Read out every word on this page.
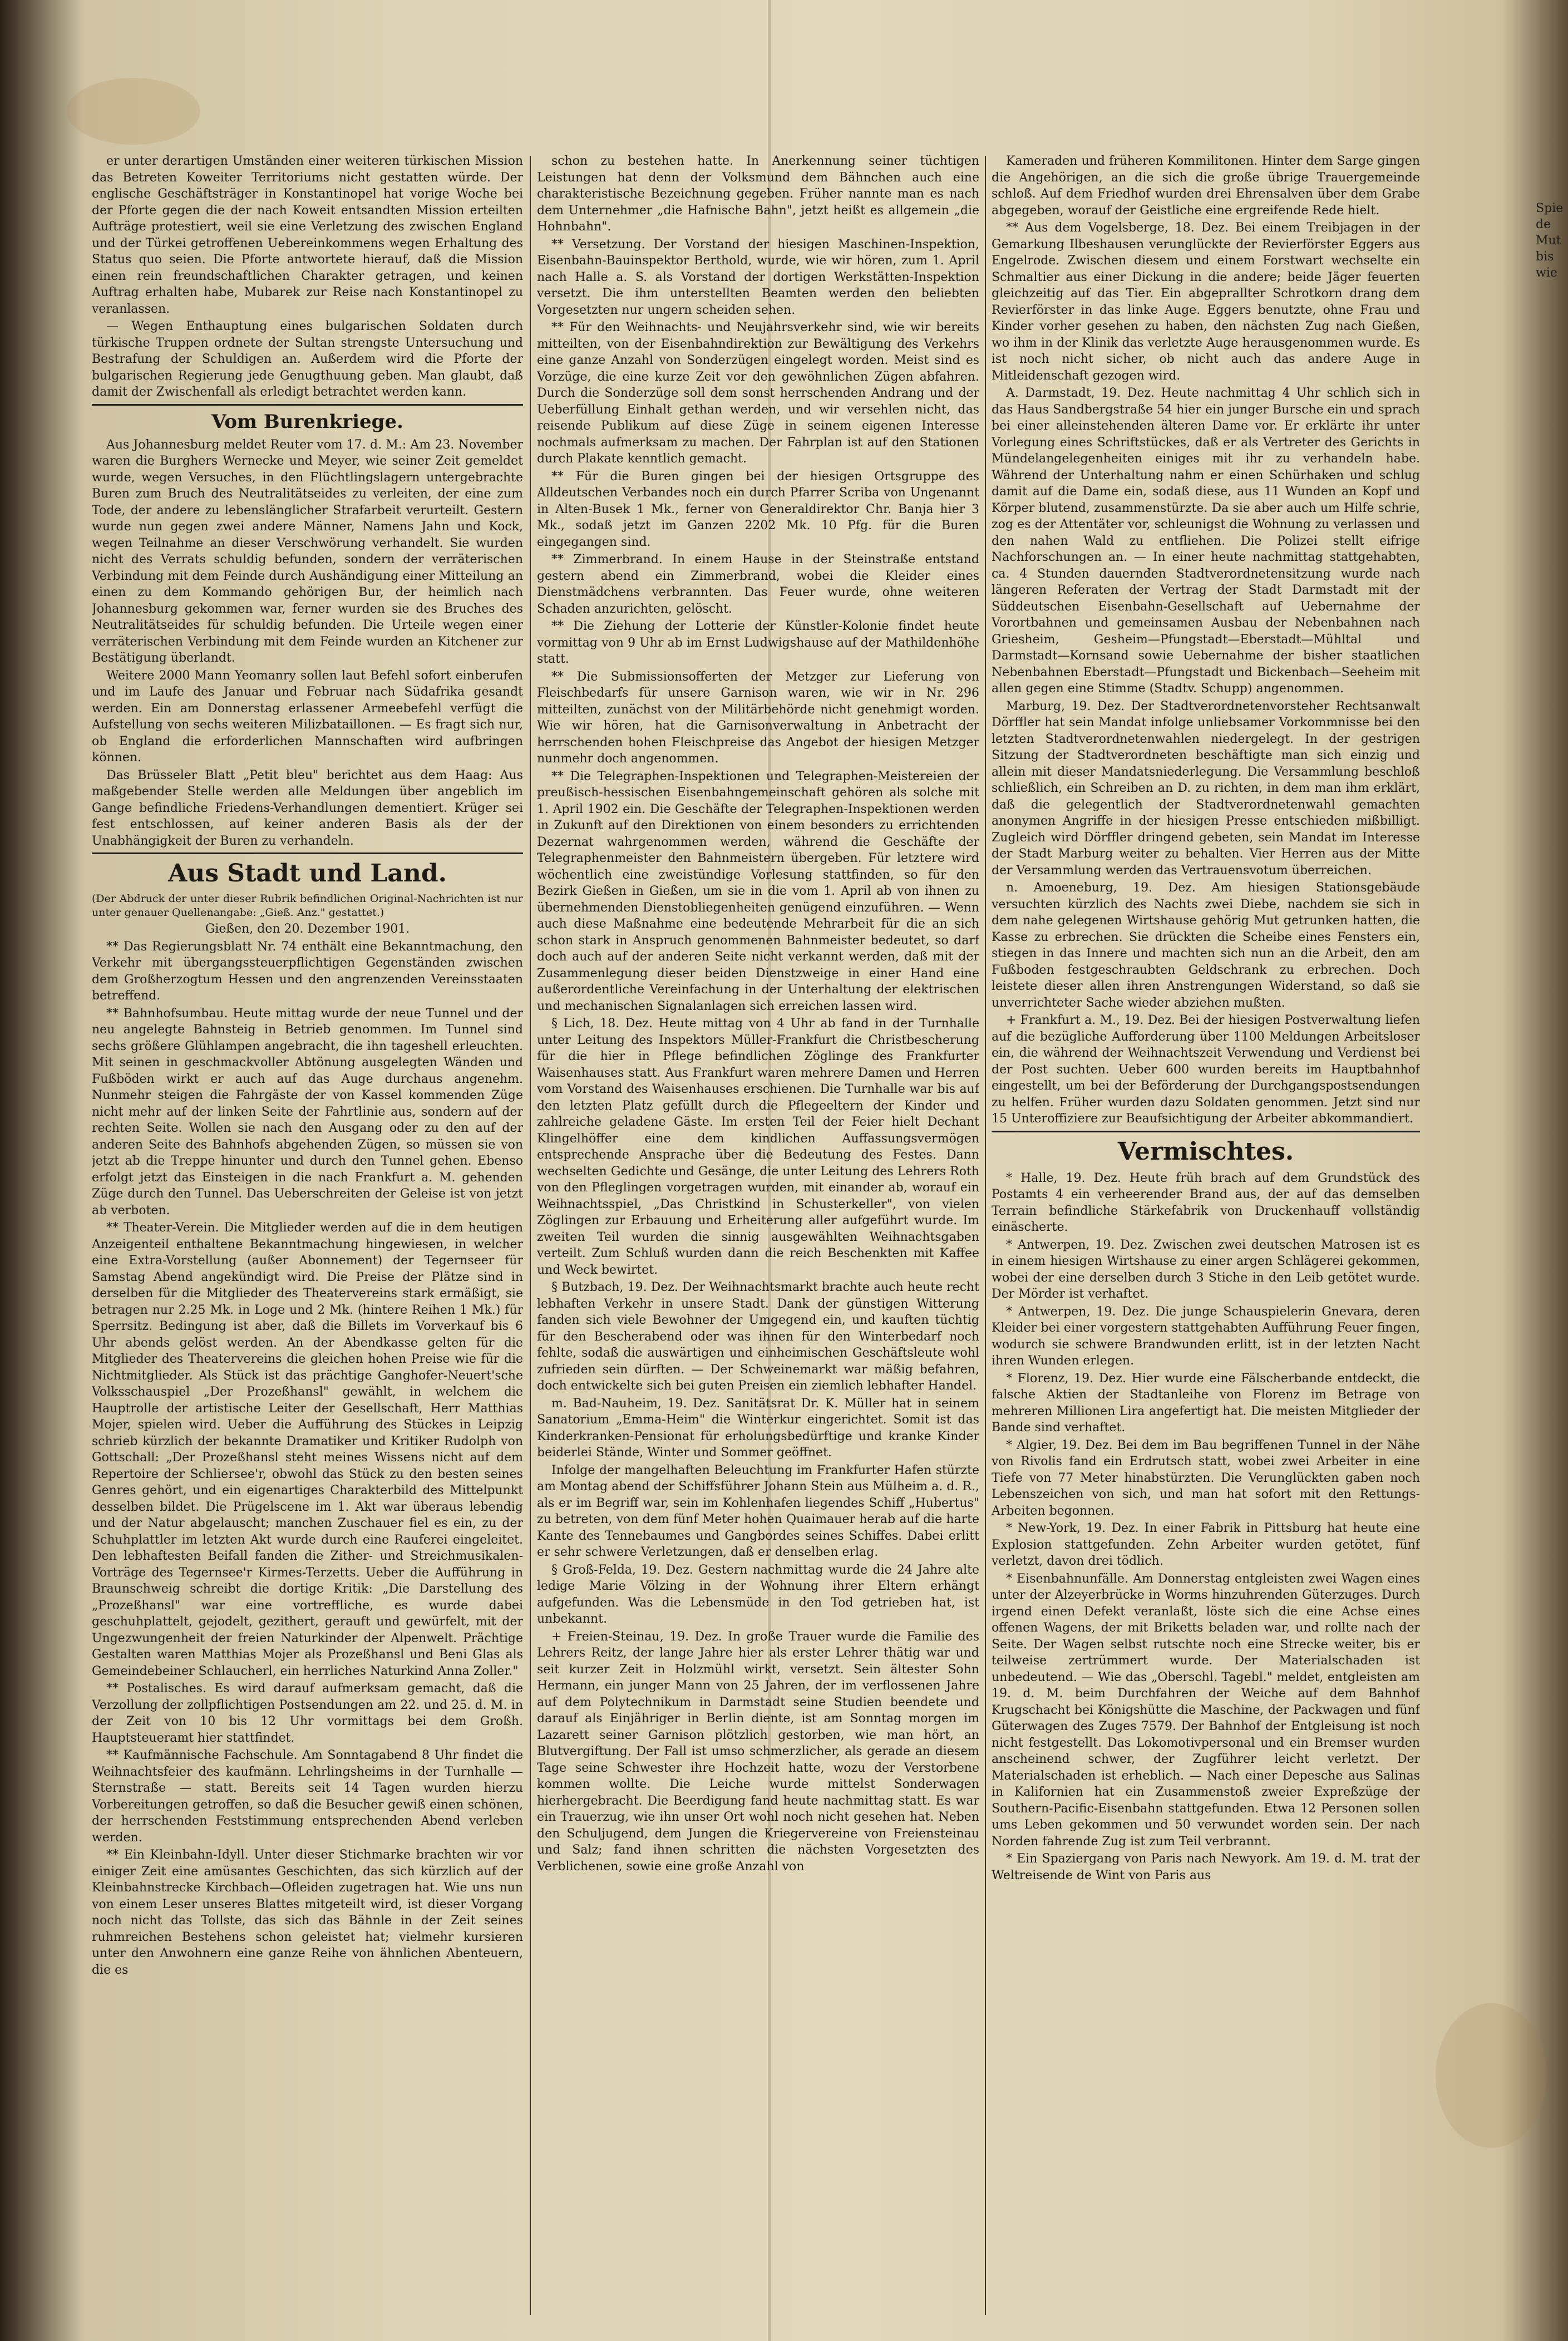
er unter derartigen Umständen einer weiteren türkischen Mission das Betreten Koweiter Territoriums nicht gestatten würde. Der englische Geschäftsträger in Konstantinopel hat vorige Woche bei der Pforte gegen die der nach Koweit entsandten Mission erteilten Aufträge protestiert, weil sie eine Verletzung des zwischen England und der Türkei getroffenen Uebereinkommens wegen Erhaltung des Status quo seien. Die Pforte antwortete hierauf, daß die Mission einen rein freundschaftlichen Charakter getragen, und keinen Auftrag erhalten habe, Mubarek zur Reise nach Konstantinopel zu veranlassen.

— Wegen Enthauptung eines bulgarischen Soldaten durch türkische Truppen ordnete der Sultan strengste Untersuchung und Bestrafung der Schuldigen an. Außerdem wird die Pforte der bulgarischen Regierung jede Genugthuung geben. Man glaubt, daß damit der Zwischenfall als erledigt betrachtet werden kann.

Vom Burenkriege.

Aus Johannesburg meldet Reuter vom 17. d. M.: Am 23. November waren die Burghers Wernecke und Meyer, wie seiner Zeit gemeldet wurde, wegen Versuches, in den Flüchtlingslagern untergebrachte Buren zum Bruch des Neutralitätseides zu verleiten, der eine zum Tode, der andere zu lebenslänglicher Strafarbeit verurteilt. Gestern wurde nun gegen zwei andere Männer, Namens Jahn und Kock, wegen Teilnahme an dieser Verschwörung verhandelt. Sie wurden nicht des Verrats schuldig befunden, sondern der verräterischen Verbindung mit dem Feinde durch Aushändigung einer Mitteilung an einen zu dem Kommando gehörigen Bur, der heimlich nach Johannesburg gekommen war, ferner wurden sie des Bruches des Neutralitätseides für schuldig befunden. Die Urteile wegen einer verräterischen Verbindung mit dem Feinde wurden an Kitchener zur Bestätigung überlandt.

Weitere 2000 Mann Yeomanry sollen laut Befehl sofort einberufen und im Laufe des Januar und Februar nach Südafrika gesandt werden. Ein am Donnerstag erlassener Armeebefehl verfügt die Aufstellung von sechs weiteren Milizbataillonen. — Es fragt sich nur, ob England die erforderlichen Mannschaften wird aufbringen können.

Das Brüsseler Blatt „Petit bleu" berichtet aus dem Haag: Aus maßgebender Stelle werden alle Meldungen über angeblich im Gange befindliche Friedens-Verhandlungen dementiert. Krüger sei fest entschlossen, auf keiner anderen Basis als der der Unabhängigkeit der Buren zu verhandeln.

Aus Stadt und Land.

(Der Abdruck der unter dieser Rubrik befindlichen Original-Nachrichten ist nur unter genauer Quellenangabe: „Gieß. Anz." gestattet.)

Gießen, den 20. Dezember 1901.

** Das Regierungsblatt Nr. 74 enthält eine Bekanntmachung, den Verkehr mit übergangssteuerpflichtigen Gegenständen zwischen dem Großherzogtum Hessen und den angrenzenden Vereinsstaaten betreffend.

** Bahnhofsumbau. Heute mittag wurde der neue Tunnel und der neu angelegte Bahnsteig in Betrieb genommen. Im Tunnel sind sechs größere Glühlampen angebracht, die ihn tageshell erleuchten. Mit seinen in geschmackvoller Abtönung ausgelegten Wänden und Fußböden wirkt er auch auf das Auge durchaus angenehm. Nunmehr steigen die Fahrgäste der von Kassel kommenden Züge nicht mehr auf der linken Seite der Fahrtlinie aus, sondern auf der rechten Seite. Wollen sie nach den Ausgang oder zu den auf der anderen Seite des Bahnhofs abgehenden Zügen, so müssen sie von jetzt ab die Treppe hinunter und durch den Tunnel gehen. Ebenso erfolgt jetzt das Einsteigen in die nach Frankfurt a. M. gehenden Züge durch den Tunnel. Das Ueberschreiten der Geleise ist von jetzt ab verboten.

** Theater-Verein. Die Mitglieder werden auf die in dem heutigen Anzeigenteil enthaltene Bekanntmachung hingewiesen, in welcher eine Extra-Vorstellung (außer Abonnement) der Tegernseer für Samstag Abend angekündigt wird. Die Preise der Plätze sind in derselben für die Mitglieder des Theatervereins stark ermäßigt, sie betragen nur 2.25 Mk. in Loge und 2 Mk. (hintere Reihen 1 Mk.) für Sperrsitz. Bedingung ist aber, daß die Billets im Vorverkauf bis 6 Uhr abends gelöst werden. An der Abendkasse gelten für die Mitglieder des Theatervereins die gleichen hohen Preise wie für die Nichtmitglieder. Als Stück ist das prächtige Ganghofer-Neuert'sche Volksschauspiel „Der Prozeßhansl" gewählt, in welchem die Hauptrolle der artistische Leiter der Gesellschaft, Herr Matthias Mojer, spielen wird. Ueber die Aufführung des Stückes in Leipzig schrieb kürzlich der bekannte Dramatiker und Kritiker Rudolph von Gottschall: „Der Prozeßhansl steht meines Wissens nicht auf dem Repertoire der Schliersee'r, obwohl das Stück zu den besten seines Genres gehört, und ein eigenartiges Charakterbild des Mittelpunkt desselben bildet. Die Prügelscene im 1. Akt war überaus lebendig und der Natur abgelauscht; manchen Zuschauer fiel es ein, zu der Schuhplattler im letzten Akt wurde durch eine Rauferei eingeleitet. Den lebhaftesten Beifall fanden die Zither- und Streichmusikalen-Vorträge des Tegernsee'r Kirmes-Terzetts. Ueber die Aufführung in Braunschweig schreibt die dortige Kritik: „Die Darstellung des „Prozeßhansl" war eine vortreffliche, es wurde dabei geschuhplattelt, gejodelt, gezithert, gerauft und gewürfelt, mit der Ungezwungenheit der freien Naturkinder der Alpenwelt. Prächtige Gestalten waren Matthias Mojer als Prozeßhansl und Beni Glas als Gemeindebeiner Schlaucherl, ein herrliches Naturkind Anna Zoller."

** Postalisches. Es wird darauf aufmerksam gemacht, daß die Verzollung der zollpflichtigen Postsendungen am 22. und 25. d. M. in der Zeit von 10 bis 12 Uhr vormittags bei dem Großh. Hauptsteueramt hier stattfindet.

** Kaufmännische Fachschule. Am Sonntagabend 8 Uhr findet die Weihnachtsfeier des kaufmänn. Lehrlingsheims in der Turnhalle — Sternstraße — statt. Bereits seit 14 Tagen wurden hierzu Vorbereitungen getroffen, so daß die Besucher gewiß einen schönen, der herrschenden Feststimmung entsprechenden Abend verleben werden.

** Ein Kleinbahn-Idyll. Unter dieser Stichmarke brachten wir vor einiger Zeit eine amüsantes Geschichten, das sich kürzlich auf der Kleinbahnstrecke Kirchbach—Ofleiden zugetragen hat. Wie uns nun von einem Leser unseres Blattes mitgeteilt wird, ist dieser Vorgang noch nicht das Tollste, das sich das Bähnle in der Zeit seines ruhmreichen Bestehens schon geleistet hat; vielmehr kursieren unter den Anwohnern eine ganze Reihe von ähnlichen Abenteuern, die es

schon zu bestehen hatte. In Anerkennung seiner tüchtigen Leistungen hat denn der Volksmund dem Bähnchen auch eine charakteristische Bezeichnung gegeben. Früher nannte man es nach dem Unternehmer „die Hafnische Bahn", jetzt heißt es allgemein „die Hohnbahn".

** Versetzung. Der Vorstand der hiesigen Maschinen-Inspektion, Eisenbahn-Bauinspektor Berthold, wurde, wie wir hören, zum 1. April nach Halle a. S. als Vorstand der dortigen Werkstätten-Inspektion versetzt. Die ihm unterstellten Beamten werden den beliebten Vorgesetzten nur ungern scheiden sehen.

** Für den Weihnachts- und Neujahrsverkehr sind, wie wir bereits mitteilten, von der Eisenbahndirektion zur Bewältigung des Verkehrs eine ganze Anzahl von Sonderzügen eingelegt worden. Meist sind es Vorzüge, die eine kurze Zeit vor den gewöhnlichen Zügen abfahren. Durch die Sonderzüge soll dem sonst herrschenden Andrang und der Ueberfüllung Einhalt gethan werden, und wir versehlen nicht, das reisende Publikum auf diese Züge in seinem eigenen Interesse nochmals aufmerksam zu machen. Der Fahrplan ist auf den Stationen durch Plakate kenntlich gemacht.

** Für die Buren gingen bei der hiesigen Ortsgruppe des Alldeutschen Verbandes noch ein durch Pfarrer Scriba von Ungenannt in Alten-Busek 1 Mk., ferner von Generaldirektor Chr. Banja hier 3 Mk., sodaß jetzt im Ganzen 2202 Mk. 10 Pfg. für die Buren eingegangen sind.

** Zimmerbrand. In einem Hause in der Steinstraße entstand gestern abend ein Zimmerbrand, wobei die Kleider eines Dienstmädchens verbrannten. Das Feuer wurde, ohne weiteren Schaden anzurichten, gelöscht.

** Die Ziehung der Lotterie der Künstler-Kolonie findet heute vormittag von 9 Uhr ab im Ernst Ludwigshause auf der Mathildenhöhe statt.

** Die Submissionsofferten der Metzger zur Lieferung von Fleischbedarfs für unsere Garnison waren, wie wir in Nr. 296 mitteilten, zunächst von der Militärbehörde nicht genehmigt worden. Wie wir hören, hat die Garnisonverwaltung in Anbetracht der herrschenden hohen Fleischpreise das Angebot der hiesigen Metzger nunmehr doch angenommen.

** Die Telegraphen-Inspektionen und Telegraphen-Meistereien der preußisch-hessischen Eisenbahngemeinschaft gehören als solche mit 1. April 1902 ein. Die Geschäfte der Telegraphen-Inspektionen werden in Zukunft auf den Direktionen von einem besonders zu errichtenden Dezernat wahrgenommen werden, während die Geschäfte der Telegraphenmeister den Bahnmeistern übergeben. Für letztere wird wöchentlich eine zweistündige Vorlesung stattfinden, so für den Bezirk Gießen in Gießen, um sie in die vom 1. April ab von ihnen zu übernehmenden Dienstobliegenheiten genügend einzuführen. — Wenn auch diese Maßnahme eine bedeutende Mehrarbeit für die an sich schon stark in Anspruch genommenen Bahnmeister bedeutet, so darf doch auch auf der anderen Seite nicht verkannt werden, daß mit der Zusammenlegung dieser beiden Dienstzweige in einer Hand eine außerordentliche Vereinfachung in der Unterhaltung der elektrischen und mechanischen Signalanlagen sich erreichen lassen wird.

§ Lich, 18. Dez. Heute mittag von 4 Uhr ab fand in der Turnhalle unter Leitung des Inspektors Müller-Frankfurt die Christbescherung für die hier in Pflege befindlichen Zöglinge des Frankfurter Waisenhauses statt. Aus Frankfurt waren mehrere Damen und Herren vom Vorstand des Waisenhauses erschienen. Die Turnhalle war bis auf den letzten Platz gefüllt durch die Pflegeeltern der Kinder und zahlreiche geladene Gäste. Im ersten Teil der Feier hielt Dechant Klingelhöffer eine dem kindlichen Auffassungsvermögen entsprechende Ansprache über die Bedeutung des Festes. Dann wechselten Gedichte und Gesänge, die unter Leitung des Lehrers Roth von den Pfleglingen vorgetragen wurden, mit einander ab, worauf ein Weihnachtsspiel, „Das Christkind in Schusterkeller", von vielen Zöglingen zur Erbauung und Erheiterung aller aufgeführt wurde. Im zweiten Teil wurden die sinnig ausgewählten Weihnachtsgaben verteilt. Zum Schluß wurden dann die reich Beschenkten mit Kaffee und Weck bewirtet.

§ Butzbach, 19. Dez. Der Weihnachtsmarkt brachte auch heute recht lebhaften Verkehr in unsere Stadt. Dank der günstigen Witterung fanden sich viele Bewohner der Umgegend ein, und kauften tüchtig für den Bescherabend oder was ihnen für den Winterbedarf noch fehlte, sodaß die auswärtigen und einheimischen Geschäftsleute wohl zufrieden sein dürften. — Der Schweinemarkt war mäßig befahren, doch entwickelte sich bei guten Preisen ein ziemlich lebhafter Handel.

m. Bad-Nauheim, 19. Dez. Sanitätsrat Dr. K. Müller hat in seinem Sanatorium „Emma-Heim" die Winterkur eingerichtet. Somit ist das Kinderkranken-Pensionat für erholungsbedürftige und kranke Kinder beiderlei Stände, Winter und Sommer geöffnet.

Infolge der mangelhaften Beleuchtung im Frankfurter Hafen stürzte am Montag abend der Schiffsführer Johann Stein aus Mülheim a. d. R., als er im Begriff war, sein im Kohlenhafen liegendes Schiff „Hubertus" zu betreten, von dem fünf Meter hohen Quaimauer herab auf die harte Kante des Tennebaumes und Gangbordes seines Schiffes. Dabei erlitt er sehr schwere Verletzungen, daß er denselben erlag.

§ Groß-Felda, 19. Dez. Gestern nachmittag wurde die 24 Jahre alte ledige Marie Völzing in der Wohnung ihrer Eltern erhängt aufgefunden. Was die Lebensmüde in den Tod getrieben hat, ist unbekannt.

+ Freien-Steinau, 19. Dez. In große Trauer wurde die Familie des Lehrers Reitz, der lange Jahre hier als erster Lehrer thätig war und seit kurzer Zeit in Holzmühl wirkt, versetzt. Sein ältester Sohn Hermann, ein junger Mann von 25 Jahren, der im verflossenen Jahre auf dem Polytechnikum in Darmstadt seine Studien beendete und darauf als Einjähriger in Berlin diente, ist am Sonntag morgen im Lazarett seiner Garnison plötzlich gestorben, wie man hört, an Blutvergiftung. Der Fall ist umso schmerzlicher, als gerade an diesem Tage seine Schwester ihre Hochzeit hatte, wozu der Verstorbene kommen wollte. Die Leiche wurde mittelst Sonderwagen hierhergebracht. Die Beerdigung fand heute nachmittag statt. Es war ein Trauerzug, wie ihn unser Ort wohl noch nicht gesehen hat. Neben den Schuljugend, dem Jungen die Kriegervereine von Freiensteinau und Salz; fand ihnen schritten die nächsten Vorgesetzten des Verblichenen, sowie eine große Anzahl von

Kameraden und früheren Kommilitonen. Hinter dem Sarge gingen die Angehörigen, an die sich die große übrige Trauergemeinde schloß. Auf dem Friedhof wurden drei Ehrensalven über dem Grabe abgegeben, worauf der Geistliche eine ergreifende Rede hielt.

** Aus dem Vogelsberge, 18. Dez. Bei einem Treibjagen in der Gemarkung Ilbeshausen verunglückte der Revierförster Eggers aus Engelrode. Zwischen diesem und einem Forstwart wechselte ein Schmaltier aus einer Dickung in die andere; beide Jäger feuerten gleichzeitig auf das Tier. Ein abgeprallter Schrotkorn drang dem Revierförster in das linke Auge. Eggers benutzte, ohne Frau und Kinder vorher gesehen zu haben, den nächsten Zug nach Gießen, wo ihm in der Klinik das verletzte Auge herausgenommen wurde. Es ist noch nicht sicher, ob nicht auch das andere Auge in Mitleidenschaft gezogen wird.

A. Darmstadt, 19. Dez. Heute nachmittag 4 Uhr schlich sich in das Haus Sandbergstraße 54 hier ein junger Bursche ein und sprach bei einer alleinstehenden älteren Dame vor. Er erklärte ihr unter Vorlegung eines Schriftstückes, daß er als Vertreter des Gerichts in Mündelangelegenheiten einiges mit ihr zu verhandeln habe. Während der Unterhaltung nahm er einen Schürhaken und schlug damit auf die Dame ein, sodaß diese, aus 11 Wunden an Kopf und Körper blutend, zusammenstürzte. Da sie aber auch um Hilfe schrie, zog es der Attentäter vor, schleunigst die Wohnung zu verlassen und den nahen Wald zu entfliehen. Die Polizei stellt eifrige Nachforschungen an. — In einer heute nachmittag stattgehabten, ca. 4 Stunden dauernden Stadtverordnetensitzung wurde nach längeren Referaten der Vertrag der Stadt Darmstadt mit der Süddeutschen Eisenbahn-Gesellschaft auf Uebernahme der Vorortbahnen und gemeinsamen Ausbau der Nebenbahnen nach Griesheim, Gesheim—Pfungstadt—Eberstadt—Mühltal und Darmstadt—Kornsand sowie Uebernahme der bisher staatlichen Nebenbahnen Eberstadt—Pfungstadt und Bickenbach—Seeheim mit allen gegen eine Stimme (Stadtv. Schupp) angenommen.

Marburg, 19. Dez. Der Stadtverordnetenvorsteher Rechtsanwalt Dörffler hat sein Mandat infolge unliebsamer Vorkommnisse bei den letzten Stadtverordnetenwahlen niedergelegt. In der gestrigen Sitzung der Stadtverordneten beschäftigte man sich einzig und allein mit dieser Mandatsniederlegung. Die Versammlung beschloß schließlich, ein Schreiben an D. zu richten, in dem man ihm erklärt, daß die gelegentlich der Stadtverordnetenwahl gemachten anonymen Angriffe in der hiesigen Presse entschieden mißbilligt. Zugleich wird Dörffler dringend gebeten, sein Mandat im Interesse der Stadt Marburg weiter zu behalten. Vier Herren aus der Mitte der Versammlung werden das Vertrauensvotum überreichen.

n. Amoeneburg, 19. Dez. Am hiesigen Stationsgebäude versuchten kürzlich des Nachts zwei Diebe, nachdem sie sich in dem nahe gelegenen Wirtshause gehörig Mut getrunken hatten, die Kasse zu erbrechen. Sie drückten die Scheibe eines Fensters ein, stiegen in das Innere und machten sich nun an die Arbeit, den am Fußboden festgeschraubten Geldschrank zu erbrechen. Doch leistete dieser allen ihren Anstrengungen Widerstand, so daß sie unverrichteter Sache wieder abziehen mußten.

+ Frankfurt a. M., 19. Dez. Bei der hiesigen Postverwaltung liefen auf die bezügliche Aufforderung über 1100 Meldungen Arbeitsloser ein, die während der Weihnachtszeit Verwendung und Verdienst bei der Post suchten. Ueber 600 wurden bereits im Hauptbahnhof eingestellt, um bei der Beförderung der Durchgangspostsendungen zu helfen. Früher wurden dazu Soldaten genommen. Jetzt sind nur 15 Unteroffiziere zur Beaufsichtigung der Arbeiter abkommandiert.

Vermischtes.

* Halle, 19. Dez. Heute früh brach auf dem Grundstück des Postamts 4 ein verheerender Brand aus, der auf das demselben Terrain befindliche Stärkefabrik von Druckenhauff vollständig einäscherte.

* Antwerpen, 19. Dez. Zwischen zwei deutschen Matrosen ist es in einem hiesigen Wirtshause zu einer argen Schlägerei gekommen, wobei der eine derselben durch 3 Stiche in den Leib getötet wurde. Der Mörder ist verhaftet.

* Antwerpen, 19. Dez. Die junge Schauspielerin Gnevara, deren Kleider bei einer vorgestern stattgehabten Aufführung Feuer fingen, wodurch sie schwere Brandwunden erlitt, ist in der letzten Nacht ihren Wunden erlegen.

* Florenz, 19. Dez. Hier wurde eine Fälscherbande entdeckt, die falsche Aktien der Stadtanleihe von Florenz im Betrage von mehreren Millionen Lira angefertigt hat. Die meisten Mitglieder der Bande sind verhaftet.

* Algier, 19. Dez. Bei dem im Bau begriffenen Tunnel in der Nähe von Rivolis fand ein Erdrutsch statt, wobei zwei Arbeiter in eine Tiefe von 77 Meter hinabstürzten. Die Verunglückten gaben noch Lebenszeichen von sich, und man hat sofort mit den Rettungs-Arbeiten begonnen.

* New-York, 19. Dez. In einer Fabrik in Pittsburg hat heute eine Explosion stattgefunden. Zehn Arbeiter wurden getötet, fünf verletzt, davon drei tödlich.

* Eisenbahnunfälle. Am Donnerstag entgleisten zwei Wagen eines unter der Alzeyerbrücke in Worms hinzuhrenden Güterzuges. Durch irgend einen Defekt veranlaßt, löste sich die eine Achse eines offenen Wagens, der mit Briketts beladen war, und rollte nach der Seite. Der Wagen selbst rutschte noch eine Strecke weiter, bis er teilweise zertrümmert wurde. Der Materialschaden ist unbedeutend. — Wie das „Oberschl. Tagebl." meldet, entgleisten am 19. d. M. beim Durchfahren der Weiche auf dem Bahnhof Krugschacht bei Königshütte die Maschine, der Packwagen und fünf Güterwagen des Zuges 7579. Der Bahnhof der Entgleisung ist noch nicht festgestellt. Das Lokomotivpersonal und ein Bremser wurden anscheinend schwer, der Zugführer leicht verletzt. Der Materialschaden ist erheblich. — Nach einer Depesche aus Salinas in Kalifornien hat ein Zusammenstoß zweier Expreßzüge der Southern-Pacific-Eisenbahn stattgefunden. Etwa 12 Personen sollen ums Leben gekommen und 50 verwundet worden sein. Der nach Norden fahrende Zug ist zum Teil verbrannt.

* Ein Spaziergang von Paris nach Newyork. Am 19. d. M. trat der Weltreisende de Wint von Paris aus

Spie
de
Mut
bis
wie
